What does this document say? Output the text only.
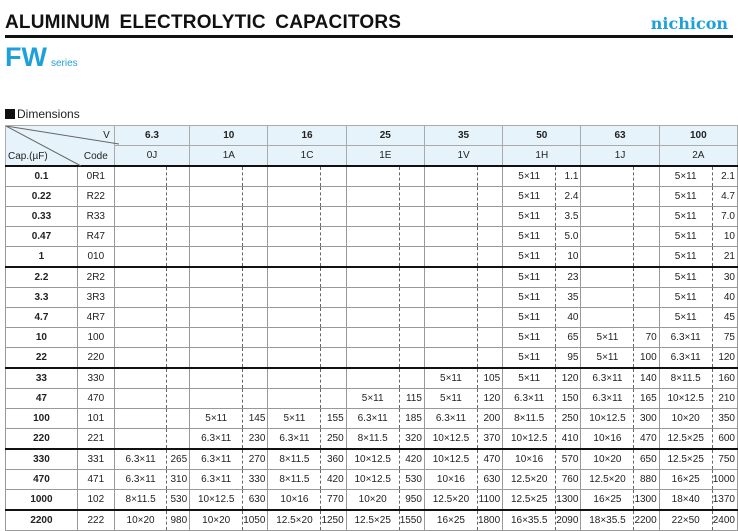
ALUMINUM ELECTROLYTIC CAPACITORS	nichicon
FW series
Dimensions
V
Cap.(µF) Code		6.3		10		16		25		35		50		63		100	
		0J		1A		1C		1E		1V		1H		1J		2A	
0.1	0R1											5×11	1.1			5×11	2.1
0.22	R22											5×11	2.4			5×11	4.7
0.33	R33											5×11	3.5			5×11	7.0
0.47	R47											5×11	5.0			5×11	10
1	010											5×11	10			5×11	21
2.2	2R2											5×11	23			5×11	30
3.3	3R3											5×11	35			5×11	40
4.7	4R7											5×11	40			5×11	45
10	100											5×11	65	5×11	70	6.3×11	75
22	220											5×11	95	5×11	100	6.3×11	120
33	330									5×11	105	5×11	120	6.3×11	140	8×11.5	160
47	470							5×11	115	5×11	120	6.3×11	150	6.3×11	165	10×12.5	210
100	101			5×11	145	5×11	155	6.3×11	185	6.3×11	200	8×11.5	250	10×12.5	300	10×20	350
220	221			6.3×11	230	6.3×11	250	8×11.5	320	10×12.5	370	10×12.5	410	10×16	470	12.5×25	600
330	331	6.3×11	265	6.3×11	270	8×11.5	360	10×12.5	420	10×12.5	470	10×16	570	10×20	650	12.5×25	750
470	471	6.3×11	310	6.3×11	330	8×11.5	420	10×12.5	530	10×16	630	12.5×20	760	12.5×20	880	16×25	1000
1000	102	8×11.5	530	10×12.5	630	10×16	770	10×20	950	12.5×20	1100	12.5×25	1300	16×25	1300	18×40	1370
2200	222	10×20	980	10×20	1050	12.5×20	1250	12.5×25	1550	16×25	1800	16×35.5	2090	18×35.5	2200	22×50	2400
